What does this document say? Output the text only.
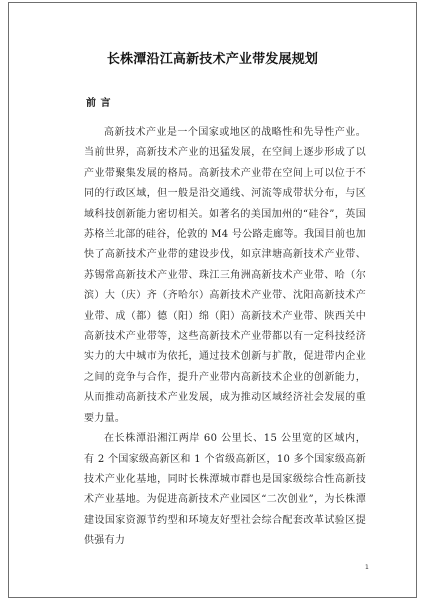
长株潭沿江高新技术产业带发展规划
前 言

高新技术产业是一个国家或地区的战略性和先导性产业。当前世界，高新技术产业的迅猛发展，在空间上逐步形成了以产业带聚集发展的格局。高新技术产业带在空间上可以位于不同的行政区域，但一般是沿交通线、河流等成带状分布，与区域科技创新能力密切相关。如著名的美国加州的“硅谷”，英国苏格兰北部的硅谷，伦敦的 M4 号公路走廊等。我国目前也加快了高新技术产业带的建设步伐，如京津塘高新技术产业带、苏锡常高新技术产业带、珠江三角洲高新技术产业带、哈（尔滨）大（庆）齐（齐哈尔）高新技术产业带、沈阳高新技术产业带、成（都）德（阳）绵（阳）高新技术产业带、陕西关中高新技术产业带等，这些高新技术产业带都以有一定科技经济实力的大中城市为依托，通过技术创新与扩散，促进带内企业之间的竞争与合作，提升产业带内高新技术企业的创新能力，从而推动高新技术产业发展，成为推动区域经济社会发展的重要力量。

在长株潭沿湘江两岸 60 公里长、15 公里宽的区域内，有 2 个国家级高新区和 1 个省级高新区，10 多个国家级高新技术产业化基地，同时长株潭城市群也是国家级综合性高新技术产业基地。为促进高新技术产业园区“二次创业”，为长株潭建设国家资源节约型和环境友好型社会综合配套改革试验区提供强有力

1
